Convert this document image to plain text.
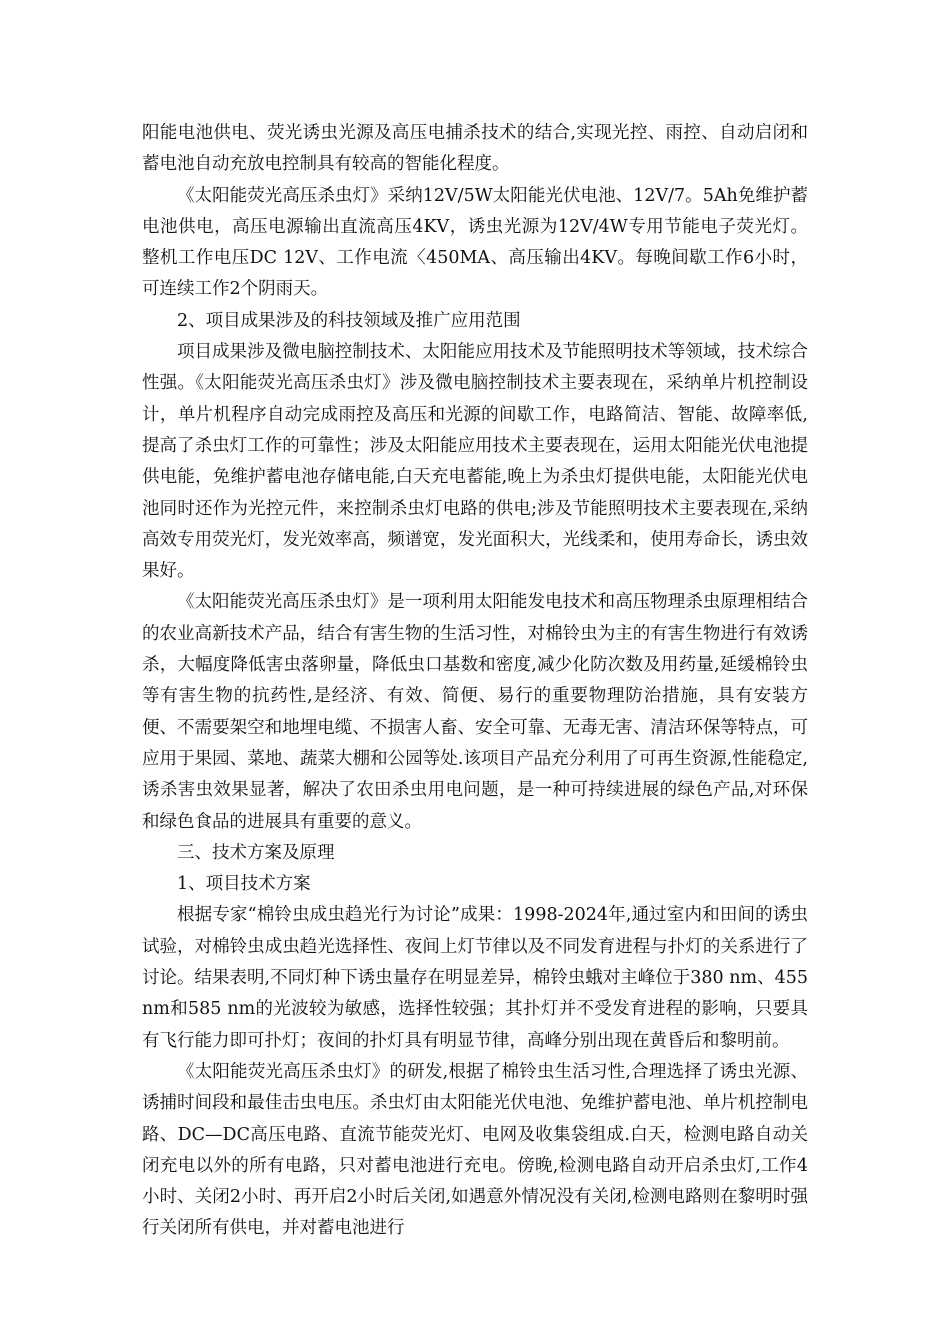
阳能电池供电、荧光诱虫光源及高压电捕杀技术的结合,实现光控、雨控、自动启闭和蓄电池自动充放电控制具有较高的智能化程度。

《太阳能荧光高压杀虫灯》采纳12V/5W太阳能光伏电池、12V/7。5Ah免维护蓄电池供电，高压电源输出直流高压4KV，诱虫光源为12V/4W专用节能电子荧光灯。整机工作电压DC 12V、工作电流〈450MA、高压输出4KV。每晚间歇工作6小时，可连续工作2个阴雨天。

2、项目成果涉及的科技领域及推广应用范围

项目成果涉及微电脑控制技术、太阳能应用技术及节能照明技术等领域，技术综合性强。《太阳能荧光高压杀虫灯》涉及微电脑控制技术主要表现在，采纳单片机控制设计，单片机程序自动完成雨控及高压和光源的间歇工作，电路简洁、智能、故障率低,提高了杀虫灯工作的可靠性；涉及太阳能应用技术主要表现在，运用太阳能光伏电池提供电能，免维护蓄电池存储电能,白天充电蓄能,晚上为杀虫灯提供电能，太阳能光伏电池同时还作为光控元件，来控制杀虫灯电路的供电;涉及节能照明技术主要表现在,采纳高效专用荧光灯，发光效率高，频谱宽，发光面积大，光线柔和，使用寿命长，诱虫效果好。

《太阳能荧光高压杀虫灯》是一项利用太阳能发电技术和高压物理杀虫原理相结合的农业高新技术产品，结合有害生物的生活习性，对棉铃虫为主的有害生物进行有效诱杀，大幅度降低害虫落卵量，降低虫口基数和密度,减少化防次数及用药量,延缓棉铃虫等有害生物的抗药性,是经济、有效、简便、易行的重要物理防治措施，具有安装方便、不需要架空和地埋电缆、不损害人畜、安全可靠、无毒无害、清洁环保等特点，可应用于果园、菜地、蔬菜大棚和公园等处.该项目产品充分利用了可再生资源,性能稳定,诱杀害虫效果显著，解决了农田杀虫用电问题，是一种可持续进展的绿色产品,对环保和绿色食品的进展具有重要的意义。

三、技术方案及原理

1、项目技术方案

根据专家“棉铃虫成虫趋光行为讨论”成果：1998-2024年,通过室内和田间的诱虫试验，对棉铃虫成虫趋光选择性、夜间上灯节律以及不同发育进程与扑灯的关系进行了讨论。结果表明,不同灯种下诱虫量存在明显差异，棉铃虫蛾对主峰位于380 nm、455 nm和585 nm的光波较为敏感，选择性较强；其扑灯并不受发育进程的影响，只要具有飞行能力即可扑灯；夜间的扑灯具有明显节律，高峰分别出现在黄昏后和黎明前。

《太阳能荧光高压杀虫灯》的研发,根据了棉铃虫生活习性,合理选择了诱虫光源、诱捕时间段和最佳击虫电压。杀虫灯由太阳能光伏电池、免维护蓄电池、单片机控制电路、DC—DC高压电路、直流节能荧光灯、电网及收集袋组成.白天，检测电路自动关闭充电以外的所有电路，只对蓄电池进行充电。傍晚,检测电路自动开启杀虫灯,工作4小时、关闭2小时、再开启2小时后关闭,如遇意外情况没有关闭,检测电路则在黎明时强行关闭所有供电，并对蓄电池进行
